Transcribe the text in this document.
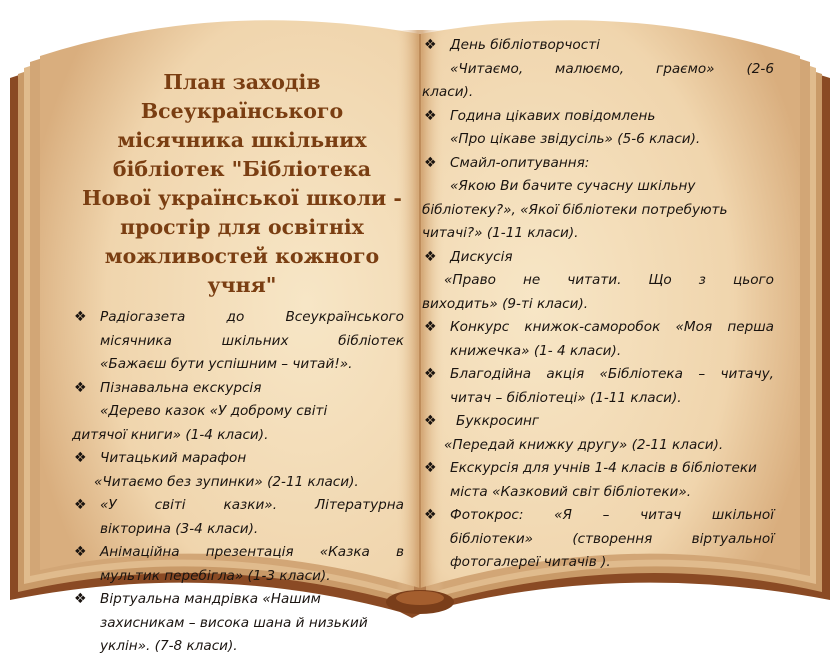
План заходів Всеукраїнського місячника шкільних бібліотек "Бібліотека Нової української школи - простір для освітніх можливостей кожного учня"
❖ Радіогазета до Всеукраїнського
місячника шкільних бібліотек
«Бажаєш бути успішним – читай!».
❖ Пізнавальна екскурсія
«Дерево казок «У доброму світі
дитячої книги» (1-4 класи).
❖ Читацький марафон
«Читаємо без зупинки» (2-11 класи).
❖ «У світі казки». Літературна
вікторина (3-4 класи).
❖ Анімаційна презентація «Казка в
мультик перебігла» (1-3 класи).
❖ Віртуальна мандрівка «Нашим
захисникам – висока шана й низький
уклін». (7-8 класи).
❖ День бібліотворчості
«Читаємо, малюємо, граємо» (2-6
класи).
❖ Година цікавих повідомлень
«Про цікаве звідусіль» (5-6 класи).
❖ Смайл-опитування:
«Якою Ви бачите сучасну шкільну
бібліотеку?», «Якої бібліотеки потребують
читачі?» (1-11 класи).
❖ Дискусія
«Право не читати. Що з цього
виходить» (9-ті класи).
❖ Конкурс книжок-саморобок «Моя перша
книжечка» (1- 4 класи).
❖ Благодійна акція «Бібліотека – читачу,
читач – бібліотеці» (1-11 класи).
❖	Буккросинг
«Передай книжку другу» (2-11 класи).
❖ Екскурсія для учнів 1-4 класів в бібліотеки
міста «Казковий світ бібліотеки».
❖ Фотокрос: «Я – читач шкільної
бібліотеки» (створення віртуальної
фотогалереї читачів ).
